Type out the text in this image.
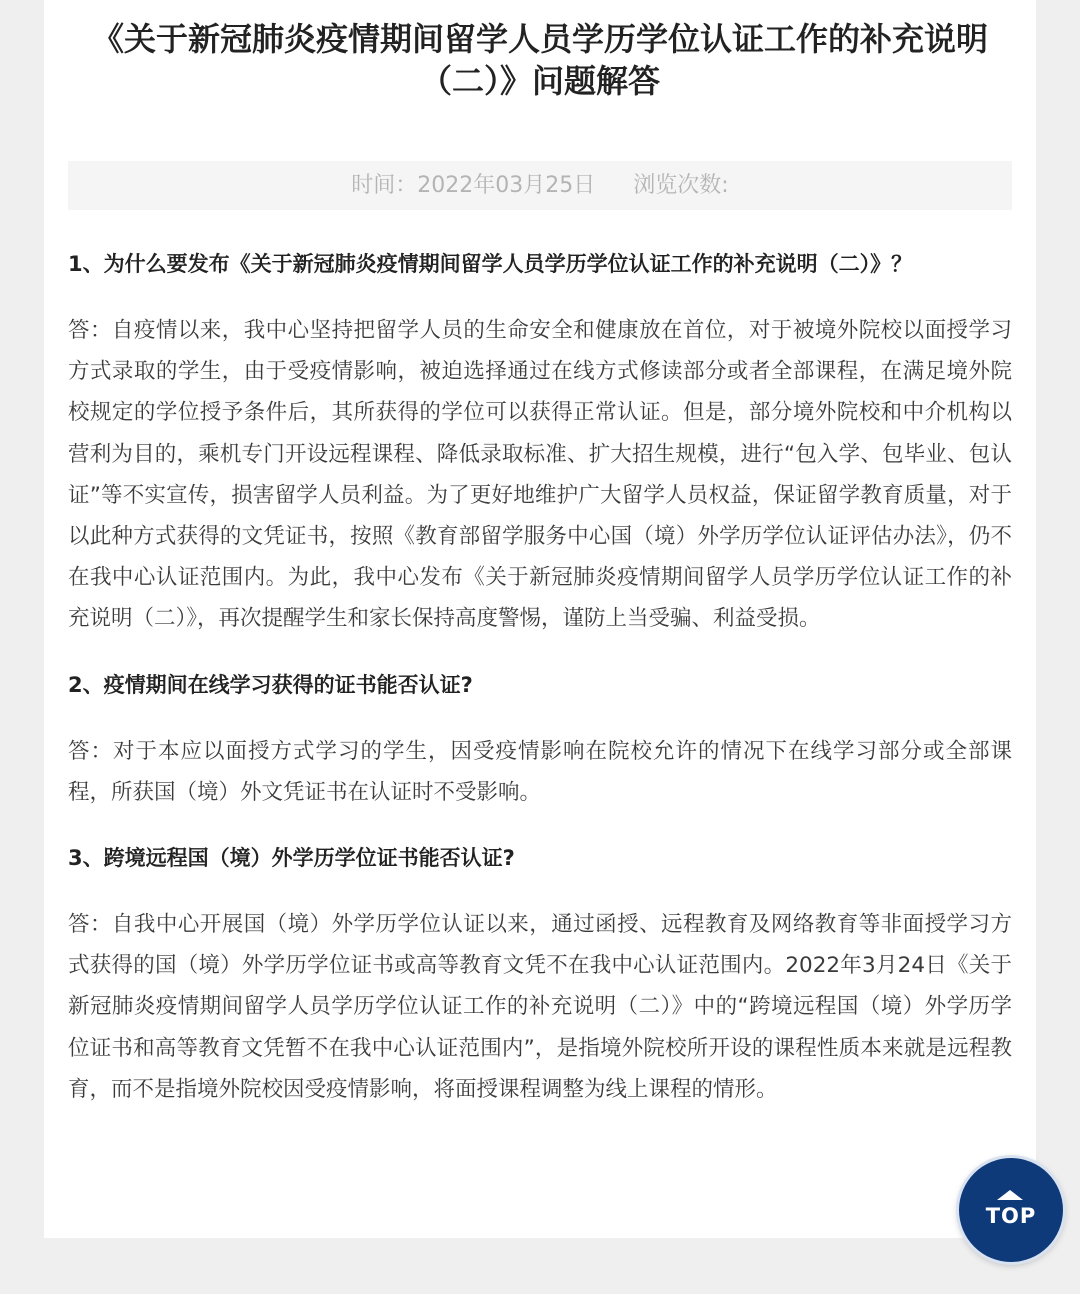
《关于新冠肺炎疫情期间留学人员学历学位认证工作的补充说明（二）》问题解答
时间：2022年03月25日 浏览次数:

1、为什么要发布《关于新冠肺炎疫情期间留学人员学历学位认证工作的补充说明（二）》？

答：自疫情以来，我中心坚持把留学人员的生命安全和健康放在首位，对于被境外院校以面授学习方式录取的学生，由于受疫情影响，被迫选择通过在线方式修读部分或者全部课程，在满足境外院校规定的学位授予条件后，其所获得的学位可以获得正常认证。但是，部分境外院校和中介机构以营利为目的，乘机专门开设远程课程、降低录取标准、扩大招生规模，进行“包入学、包毕业、包认证”等不实宣传，损害留学人员利益。为了更好地维护广大留学人员权益，保证留学教育质量，对于以此种方式获得的文凭证书，按照《教育部留学服务中心国（境）外学历学位认证评估办法》，仍不在我中心认证范围内。为此，我中心发布《关于新冠肺炎疫情期间留学人员学历学位认证工作的补充说明（二）》，再次提醒学生和家长保持高度警惕，谨防上当受骗、利益受损。

2、疫情期间在线学习获得的证书能否认证?

答：对于本应以面授方式学习的学生，因受疫情影响在院校允许的情况下在线学习部分或全部课程，所获国（境）外文凭证书在认证时不受影响。

3、跨境远程国（境）外学历学位证书能否认证?

答：自我中心开展国（境）外学历学位认证以来，通过函授、远程教育及网络教育等非面授学习方式获得的国（境）外学历学位证书或高等教育文凭不在我中心认证范围内。2022年3月24日《关于新冠肺炎疫情期间留学人员学历学位认证工作的补充说明（二）》中的“跨境远程国（境）外学历学位证书和高等教育文凭暂不在我中心认证范围内”，是指境外院校所开设的课程性质本来就是远程教育，而不是指境外院校因受疫情影响，将面授课程调整为线上课程的情形。

TOP
